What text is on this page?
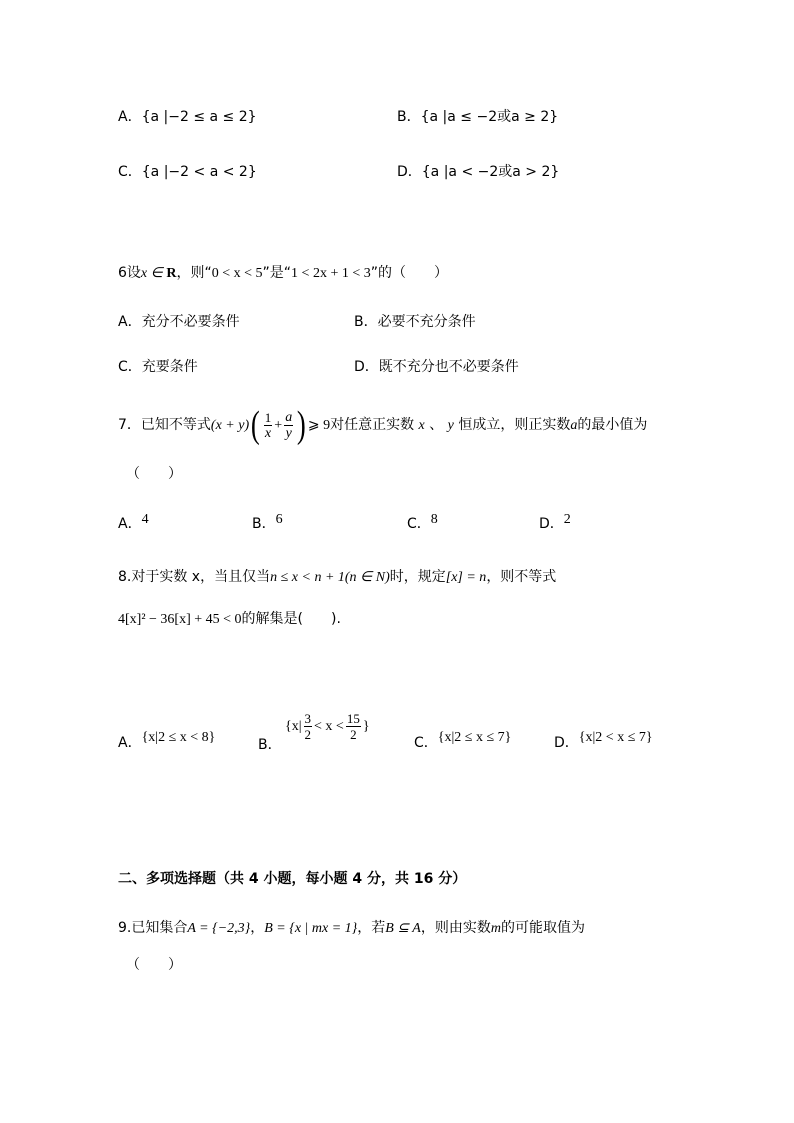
A．{a |−2 ≤ a ≤ 2}	B．{a |a ≤ −2或a ≥ 2}
C．{a |−2 < a < 2}	D．{a |a < −2或a > 2}
6设x ∈ R，则“0 < x < 5”是“1 < 2x + 1 < 3”的（　　）
A．充分不必要条件	B．必要不充分条件
C．充要条件	D．既不充分也不必要条件
7．已知不等式$(x + y)( \frac{1}{x} + \frac{a}{y}$ ) ⩾ 9对任意正实数 x 、 y 恒成立，则正实数a的最小值为
（　　）
A．4	B．6	C．8	D．2
8.对于实数 x，当且仅当n ≤ x < n + 1(n ∈ N)时，规定[x] = n，则不等式
4[x]² − 36[x] + 45 < 0的解集是(　　).
A．{x|2 ≤ x < 8}	B．
{$x| \frac{3}{2} < x < \frac{15}{2}$ }
C．{x|2 ≤ x ≤ 7}	D．{x|2 < x ≤ 7}
二、多项选择题（共 4 小题，每小题 4 分，共 16 分）
9.已知集合A = {−2,3}，B = {x | mx = 1}，若B ⊆ A，则由实数m的可能取值为
（　　）
